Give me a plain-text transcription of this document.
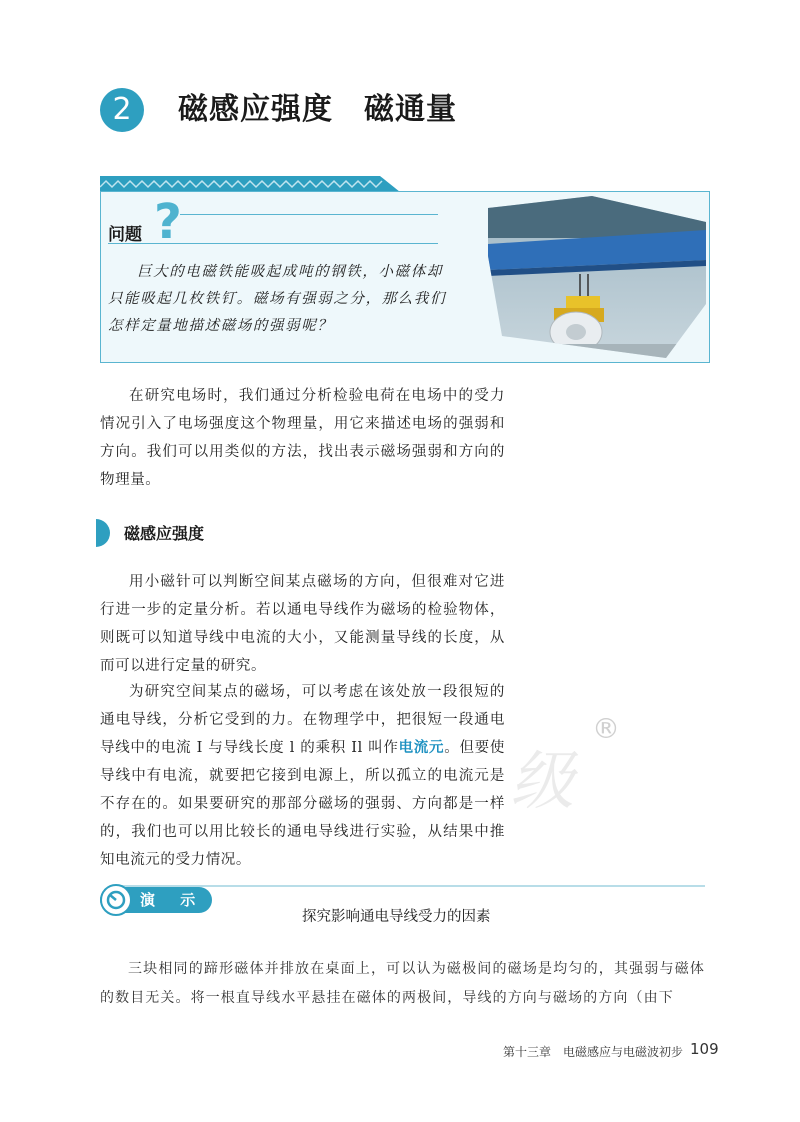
2	磁感应强度　磁通量
问题 ?
巨大的电磁铁能吸起成吨的钢铁，小磁体却只能吸起几枚铁钉。磁场有强弱之分，那么我们怎样定量地描述磁场的强弱呢？
在研究电场时，我们通过分析检验电荷在电场中的受力情况引入了电场强度这个物理量，用它来描述电场的强弱和方向。我们可以用类似的方法，找出表示磁场强弱和方向的物理量。
磁感应强度
用小磁针可以判断空间某点磁场的方向，但很难对它进行进一步的定量分析。若以通电导线作为磁场的检验物体，则既可以知道导线中电流的大小，又能测量导线的长度，从而可以进行定量的研究。
为研究空间某点的磁场，可以考虑在该处放一段很短的通电导线，分析它受到的力。在物理学中，把很短一段通电导线中的电流 I 与导线长度 l 的乘积 Il 叫作电流元。但要使导线中有电流，就要把它接到电源上，所以孤立的电流元是不存在的。如果要研究的那部分磁场的强弱、方向都是一样的，我们也可以用比较长的通电导线进行实验，从结果中推知电流元的受力情况。
级
®
演 示
探究影响通电导线受力的因素
三块相同的蹄形磁体并排放在桌面上，可以认为磁极间的磁场是均匀的，其强弱与磁体的数目无关。将一根直导线水平悬挂在磁体的两极间，导线的方向与磁场的方向（由下
第十三章　电磁感应与电磁波初步 109
